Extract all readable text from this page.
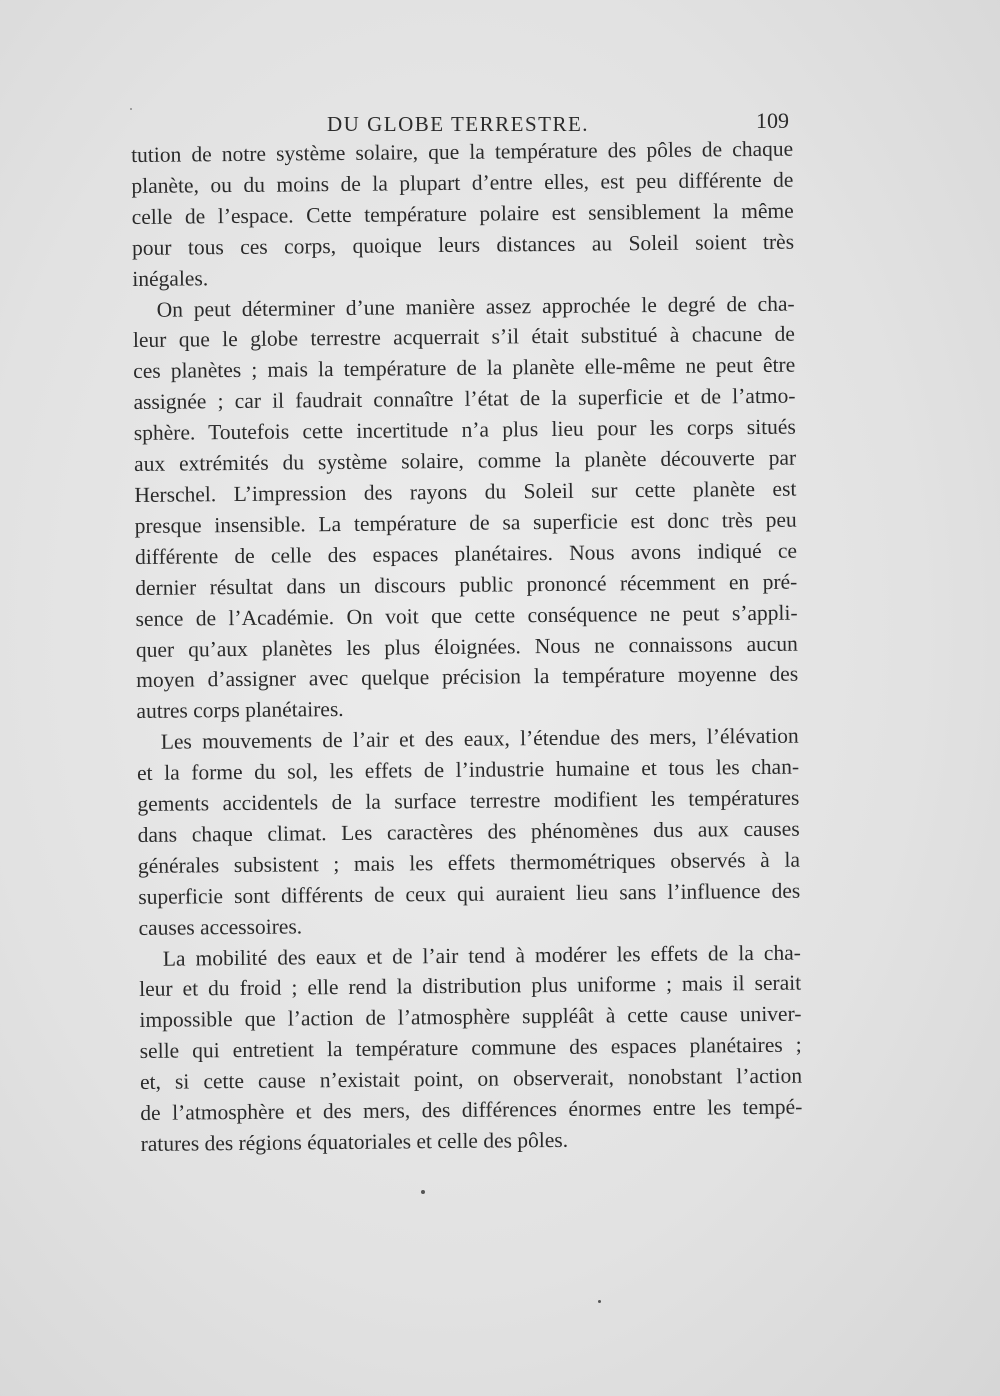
DU GLOBE TERRESTRE.	109
tution de notre système solaire, que la température des pôles de chaque
planète, ou du moins de la plupart d’entre elles, est peu différente de
celle de l’espace. Cette température polaire est sensiblement la même
pour tous ces corps, quoique leurs distances au Soleil soient très
inégales.
On peut déterminer d’une manière assez approchée le degré de cha-
leur que le globe terrestre acquerrait s’il était substitué à chacune de
ces planètes ; mais la température de la planète elle-même ne peut être
assignée ; car il faudrait connaître l’état de la superficie et de l’atmo-
sphère. Toutefois cette incertitude n’a plus lieu pour les corps situés
aux extrémités du système solaire, comme la planète découverte par
Herschel. L’impression des rayons du Soleil sur cette planète est
presque insensible. La température de sa superficie est donc très peu
différente de celle des espaces planétaires. Nous avons indiqué ce
dernier résultat dans un discours public prononcé récemment en pré-
sence de l’Académie. On voit que cette conséquence ne peut s’appli-
quer qu’aux planètes les plus éloignées. Nous ne connaissons aucun
moyen d’assigner avec quelque précision la température moyenne des
autres corps planétaires.
Les mouvements de l’air et des eaux, l’étendue des mers, l’élévation
et la forme du sol, les effets de l’industrie humaine et tous les chan-
gements accidentels de la surface terrestre modifient les températures
dans chaque climat. Les caractères des phénomènes dus aux causes
générales subsistent ; mais les effets thermométriques observés à la
superficie sont différents de ceux qui auraient lieu sans l’influence des
causes accessoires.
La mobilité des eaux et de l’air tend à modérer les effets de la cha-
leur et du froid ; elle rend la distribution plus uniforme ; mais il serait
impossible que l’action de l’atmosphère suppléât à cette cause univer-
selle qui entretient la température commune des espaces planétaires ;
et, si cette cause n’existait point, on observerait, nonobstant l’action
de l’atmosphère et des mers, des différences énormes entre les tempé-
ratures des régions équatoriales et celle des pôles.
